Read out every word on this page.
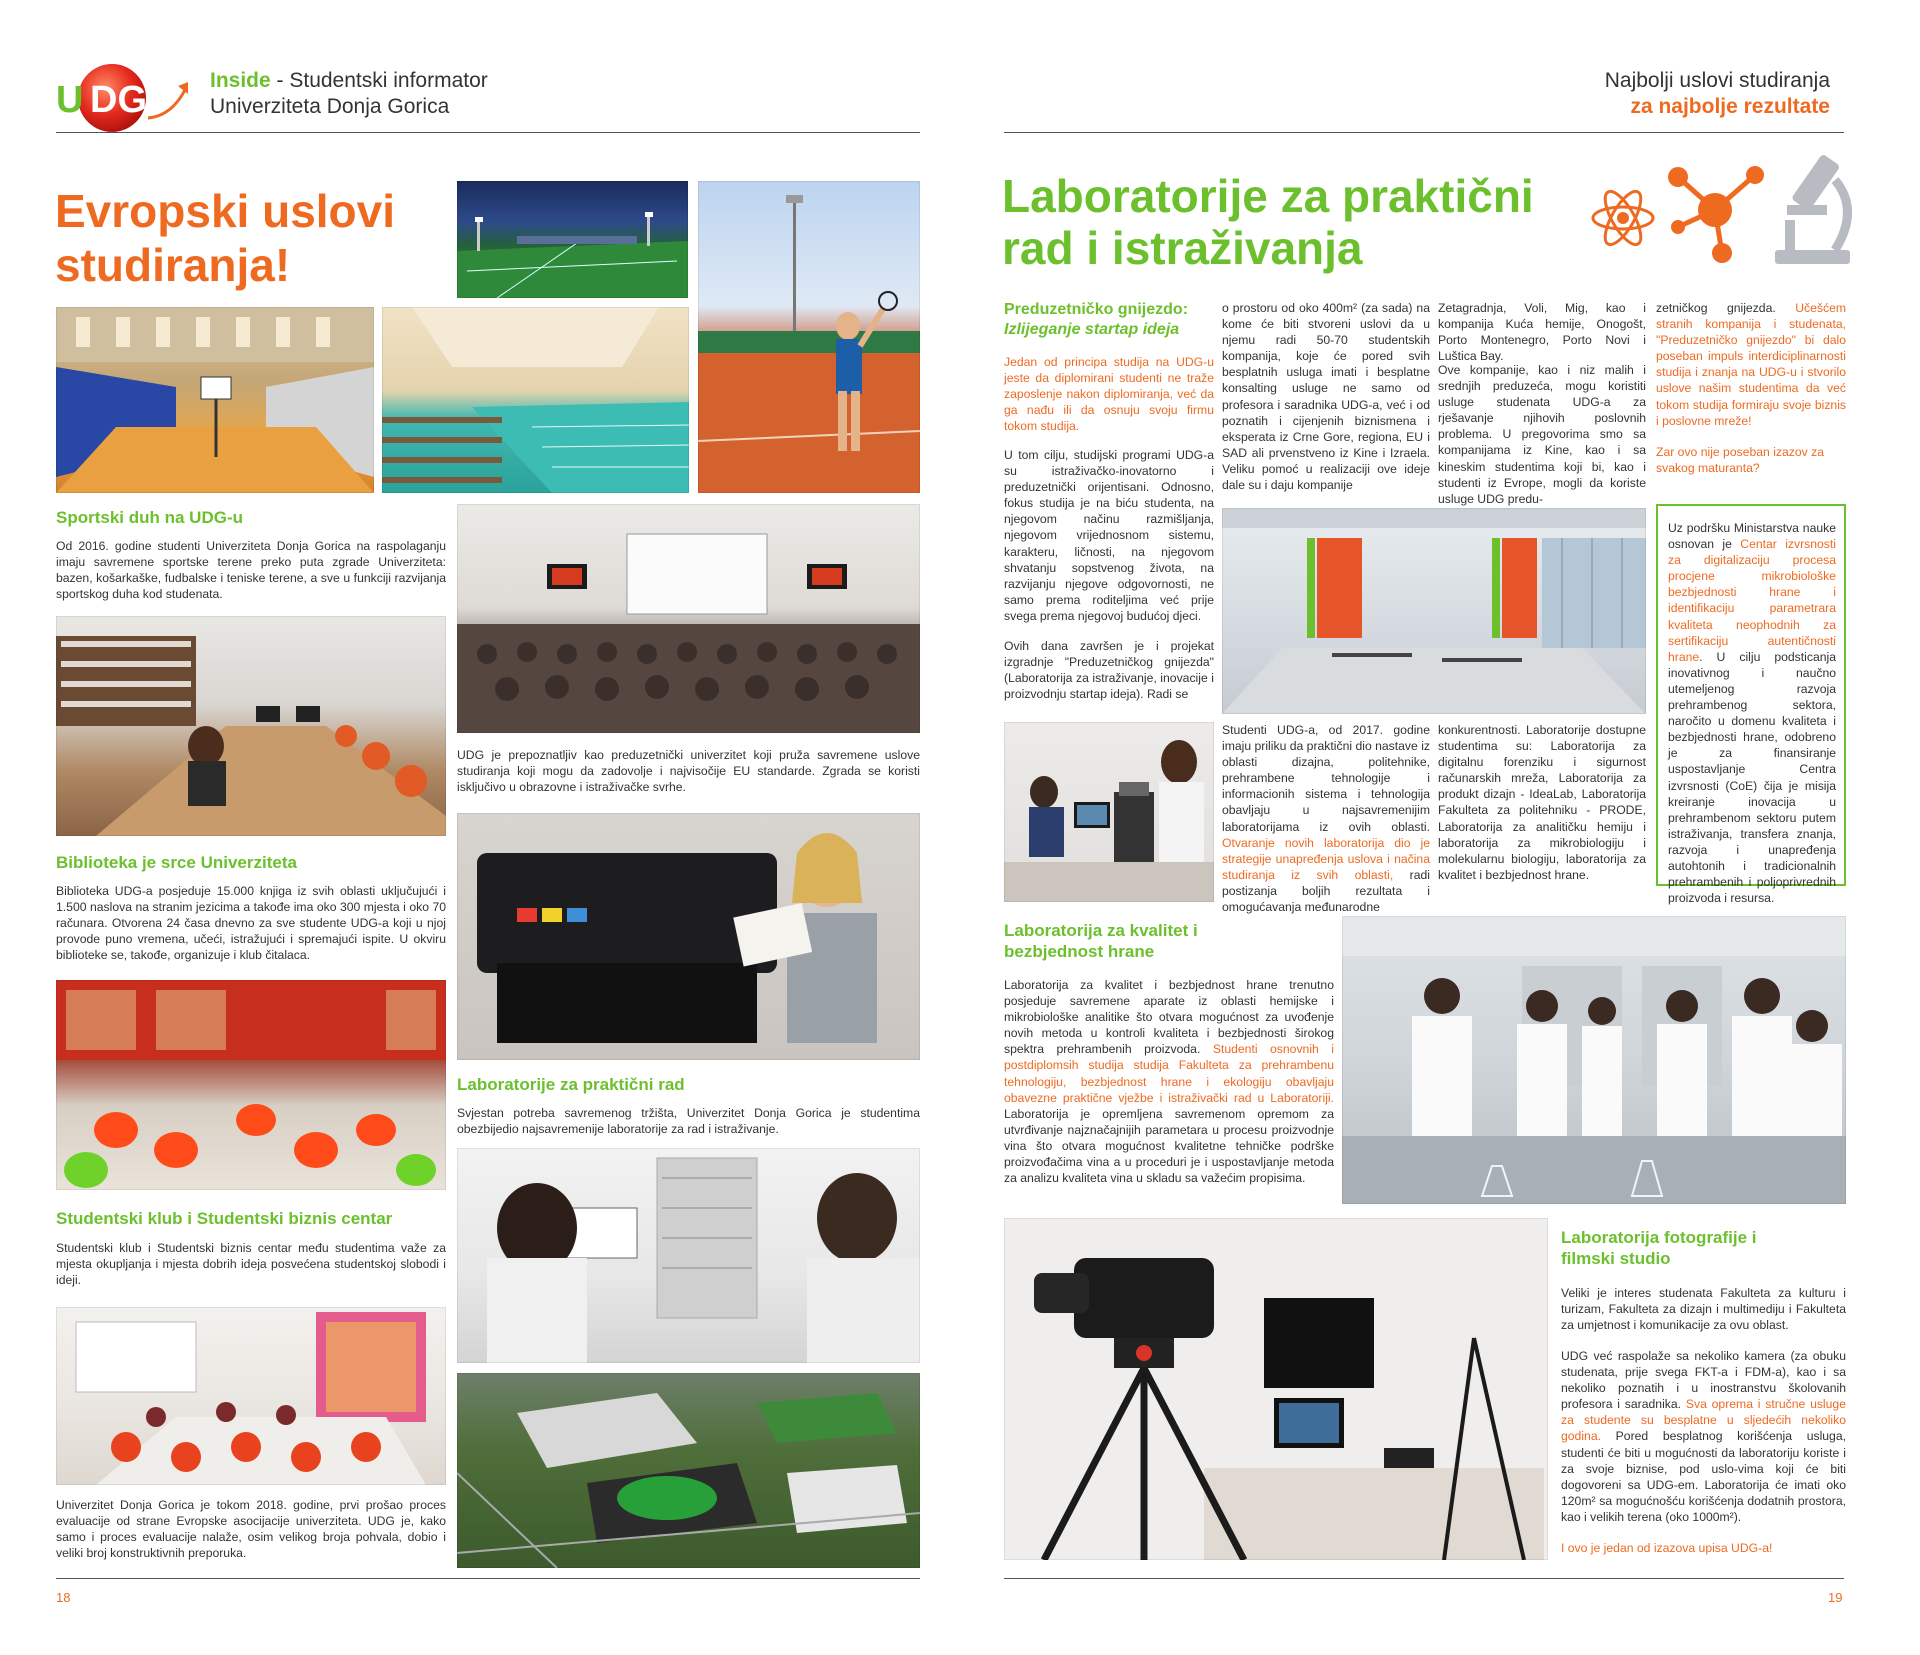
U DG	Inside - Studentski informator
Univerziteta Donja Gorica
Evropski uslovi
studiranja!
Sportski duh na UDG-u
Od 2016. godine studenti Univerziteta Donja Gorica na raspolaganju imaju savremene sportske terene preko puta zgrade Univerziteta: bazen, košarkaške, fudbalske i teniske terene, a sve u funkciji razvijanja sportskog duha kod studenata.
Biblioteka je srce Univerziteta
Biblioteka UDG-a posjeduje 15.000 knjiga iz svih oblasti uključujući i 1.500 naslova na stranim jezicima a takođe ima oko 300 mjesta i oko 70 računara. Otvorena 24 časa dnevno za sve studente UDG-a koji u njoj provode puno vremena, učeći, istražujući i spremajući ispite. U okviru biblioteke se, takođe, organizuje i klub čitalaca.
Studentski klub i Studentski biznis centar
Studentski klub i Studentski biznis centar među studentima važe za mjesta okupljanja i mjesta dobrih ideja posvećena studentskoj slobodi i ideji.
Univerzitet Donja Gorica je tokom 2018. godine, prvi prošao proces evaluacije od strane Evropske asocijacije univerziteta. UDG je, kako samo i proces evaluacije nalaže, osim velikog broja pohvala, dobio i veliki broj konstruktivnih preporuka.
UDG je prepoznatljiv kao preduzetnički univerzitet koji pruža savremene uslove studiranja koji mogu da zadovolje i najvisočije EU standarde. Zgrada se koristi isključivo u obrazovne i istraživačke svrhe.
Laboratorije za praktični rad
Svjestan potreba savremenog tržišta, Univerzitet Donja Gorica je studentima obezbijedio najsavremenije laboratorije za rad i istraživanje.
18
Najbolji uslovi studiranja
za najbolje rezultate
Laboratorije za praktični
rad i istraživanja
Preduzetničko gnijezdo:
Izlijeganje startap ideja
Jedan od principa studija na UDG-u jeste da diplomirani studenti ne traže zaposlenje nakon diplomiranja, već da ga nađu ili da osnuju svoju firmu tokom studija.
U tom cilju, studijski programi UDG-a su istraživačko-inovatorno i preduzetnički orijentisani. Odnosno, fokus studija je na biću studenta, na njegovom načinu razmišljanja, njegovom vrijednosnom sistemu, karakteru, ličnosti, na njegovom shvatanju sopstvenog života, na razvijanju njegove odgovornosti, ne samo prema roditeljima već prije svega prema njegovoj budućoj djeci.
Ovih dana završen je i projekat izgradnje "Preduzetničkog gnijezda" (Laboratorija za istraživanje, inovacije i proizvodnju startap ideja). Radi se
o prostoru od oko 400m² (za sada) na kome će biti stvoreni uslovi da u njemu radi 50-70 studentskih kompanija, koje će pored svih besplatnih usluga imati i besplatne konsalting usluge ne samo od profesora i saradnika UDG-a, već i od poznatih i cijenjenih biznismena i eksperata iz Crne Gore, regiona, EU i SAD ali prvenstveno iz Kine i Izraela. Veliku pomoć u realizaciji ove ideje dale su i daju kompanije
Zetagradnja, Voli, Mig, kao i kompanija Kuća hemije, Onogošt, Porto Montenegro, Porto Novi i Luštica Bay.
Ove kompanije, kao i niz malih i srednjih preduzeća, mogu koristiti usluge studenata UDG-a za rješavanje njihovih poslovnih problema. U pregovorima smo sa kompanijama iz Kine, kao i sa kineskim studentima koji bi, kao i studenti iz Evrope, mogli da koriste usluge UDG predu-
zetničkog gnijezda. Učešćem stranih kompanija i studenata, "Preduzetničko gnijezdo" bi dalo poseban impuls interdiciplinarnosti studija i znanja na UDG-u i stvorilo uslove našim studentima da već tokom studija formiraju svoje biznis i poslovne mreže!
Zar ovo nije poseban izazov za svakog maturanta?
Studenti UDG-a, od 2017. godine imaju priliku da praktični dio nastave iz oblasti dizajna, politehnike, prehrambene tehnologije i informacionih sistema i tehnologija obavljaju u najsavremenijim laboratorijama iz ovih oblasti. Otvaranje novih laboratorija dio je strategije unapređenja uslova i načina studiranja iz svih oblasti, radi postizanja boljih rezultata i omogućavanja međunarodne
konkurentnosti. Laboratorije dostupne studentima su: Laboratorija za digitalnu forenziku i sigurnost računarskih mreža, Laboratorija za produkt dizajn - IdeaLab, Laboratorija Fakulteta za politehniku - PRODE, Laboratorija za analitičku hemiju i laboratorija za mikrobiologiju i molekularnu biologiju, laboratorija za kvalitet i bezbjednost hrane.
Uz podršku Ministarstva nauke osnovan je Centar izvrsnosti za digitalizaciju procesa procjene mikrobiološke bezbjednosti hrane i identifikaciju parametrara kvaliteta neophodnih za sertifikaciju autentičnosti hrane. U cilju podsticanja inovativnog i naučno utemeljenog razvoja prehrambenog sektora, naročito u domenu kvaliteta i bezbjednosti hrane, odobreno je za finansiranje uspostavljanje Centra izvrsnosti (CoE) čija je misija kreiranje inovacija u prehrambenom sektoru putem istraživanja, transfera znanja, razvoja i unapređenja autohtonih i tradicionalnih prehrambenih i poljoprivrednih proizvoda i resursa.
Laboratorija za kvalitet i
bezbjednost hrane
Laboratorija za kvalitet i bezbjednost hrane trenutno posjeduje savremene aparate iz oblasti hemijske i mikrobiološke analitike što otvara mogućnost za uvođenje novih metoda u kontroli kvaliteta i bezbjednosti širokog spektra prehrambenih proizvoda. Studenti osnovnih i postdiplomsih studija studija Fakulteta za prehrambenu tehnologiju, bezbjednost hrane i ekologiju obavljaju obavezne praktične vježbe i istraživački rad u Laboratoriji. Laboratorija je opremljena savremenom opremom za utvrđivanje najznačajnijih parametara u procesu proizvodnje vina što otvara mogućnost kvalitetne tehničke podrške proizvođačima vina a u proceduri je i uspostavljanje metoda za analizu kvaliteta vina u skladu sa važećim propisima.
Laboratorija fotografije i
filmski studio
Veliki je interes studenata Fakulteta za kulturu i turizam, Fakulteta za dizajn i multimediju i Fakulteta za umjetnost i komunikacije za ovu oblast.
UDG već raspolaže sa nekoliko kamera (za obuku studenata, prije svega FKT-a i FDM-a), kao i sa nekoliko poznatih i u inostranstvu školovanih profesora i saradnika. Sva oprema i stručne usluge za studente su besplatne u sljedećih nekoliko godina. Pored besplatnog korišćenja usluga, studenti će biti u mogućnosti da laboratoriju koriste i za svoje biznise, pod uslo-vima koji će biti dogovoreni sa UDG-em. Laboratorija će imati oko 120m² sa mogućnošću korišćenja dodatnih prostora, kao i velikih terena (oko 1000m²).
I ovo je jedan od izazova upisa UDG-a!
19
